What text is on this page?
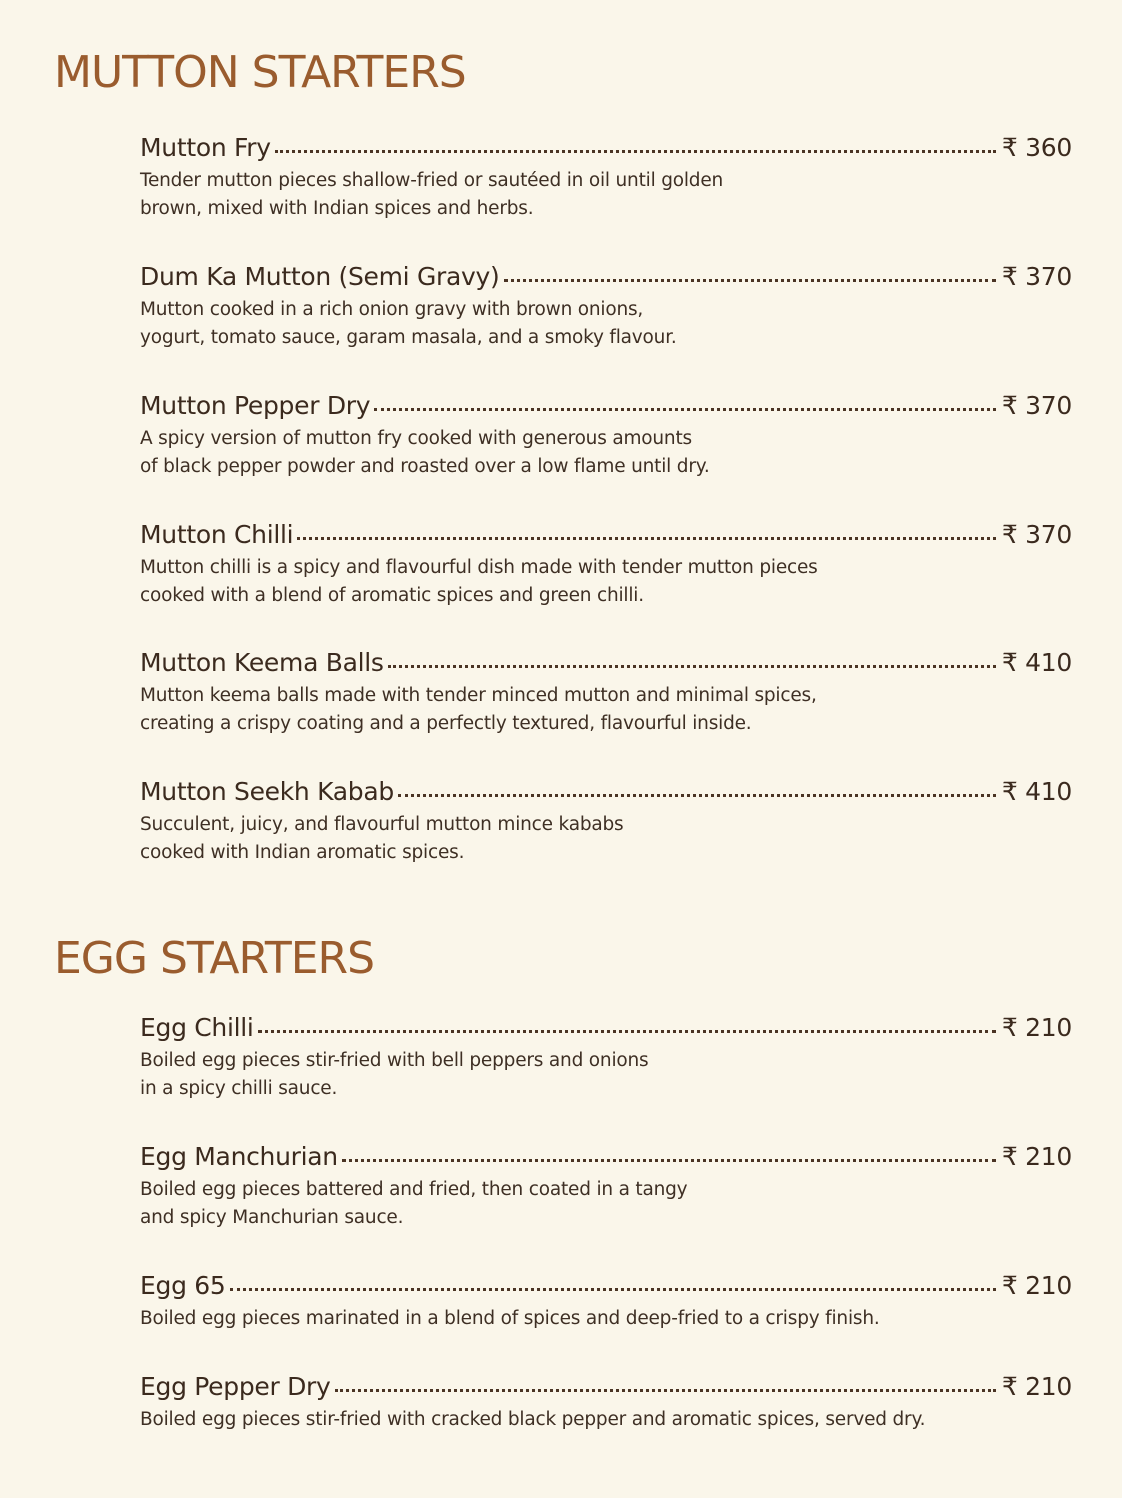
MUTTON STARTERS
Mutton Fry	₹ 360
Tender mutton pieces shallow-fried or sautéed in oil until golden
brown, mixed with Indian spices and herbs.
Dum Ka Mutton (Semi Gravy)	₹ 370
Mutton cooked in a rich onion gravy with brown onions,
yogurt, tomato sauce, garam masala, and a smoky flavour.
Mutton Pepper Dry	₹ 370
A spicy version of mutton fry cooked with generous amounts
of black pepper powder and roasted over a low flame until dry.
Mutton Chilli	₹ 370
Mutton chilli is a spicy and flavourful dish made with tender mutton pieces
cooked with a blend of aromatic spices and green chilli.
Mutton Keema Balls	₹ 410
Mutton keema balls made with tender minced mutton and minimal spices,
creating a crispy coating and a perfectly textured, flavourful inside.
Mutton Seekh Kabab	₹ 410
Succulent, juicy, and flavourful mutton mince kababs
cooked with Indian aromatic spices.
EGG STARTERS
Egg Chilli	₹ 210
Boiled egg pieces stir-fried with bell peppers and onions
in a spicy chilli sauce.
Egg Manchurian	₹ 210
Boiled egg pieces battered and fried, then coated in a tangy
and spicy Manchurian sauce.
Egg 65	₹ 210
Boiled egg pieces marinated in a blend of spices and deep-fried to a crispy finish.
Egg Pepper Dry	₹ 210
Boiled egg pieces stir-fried with cracked black pepper and aromatic spices, served dry.
